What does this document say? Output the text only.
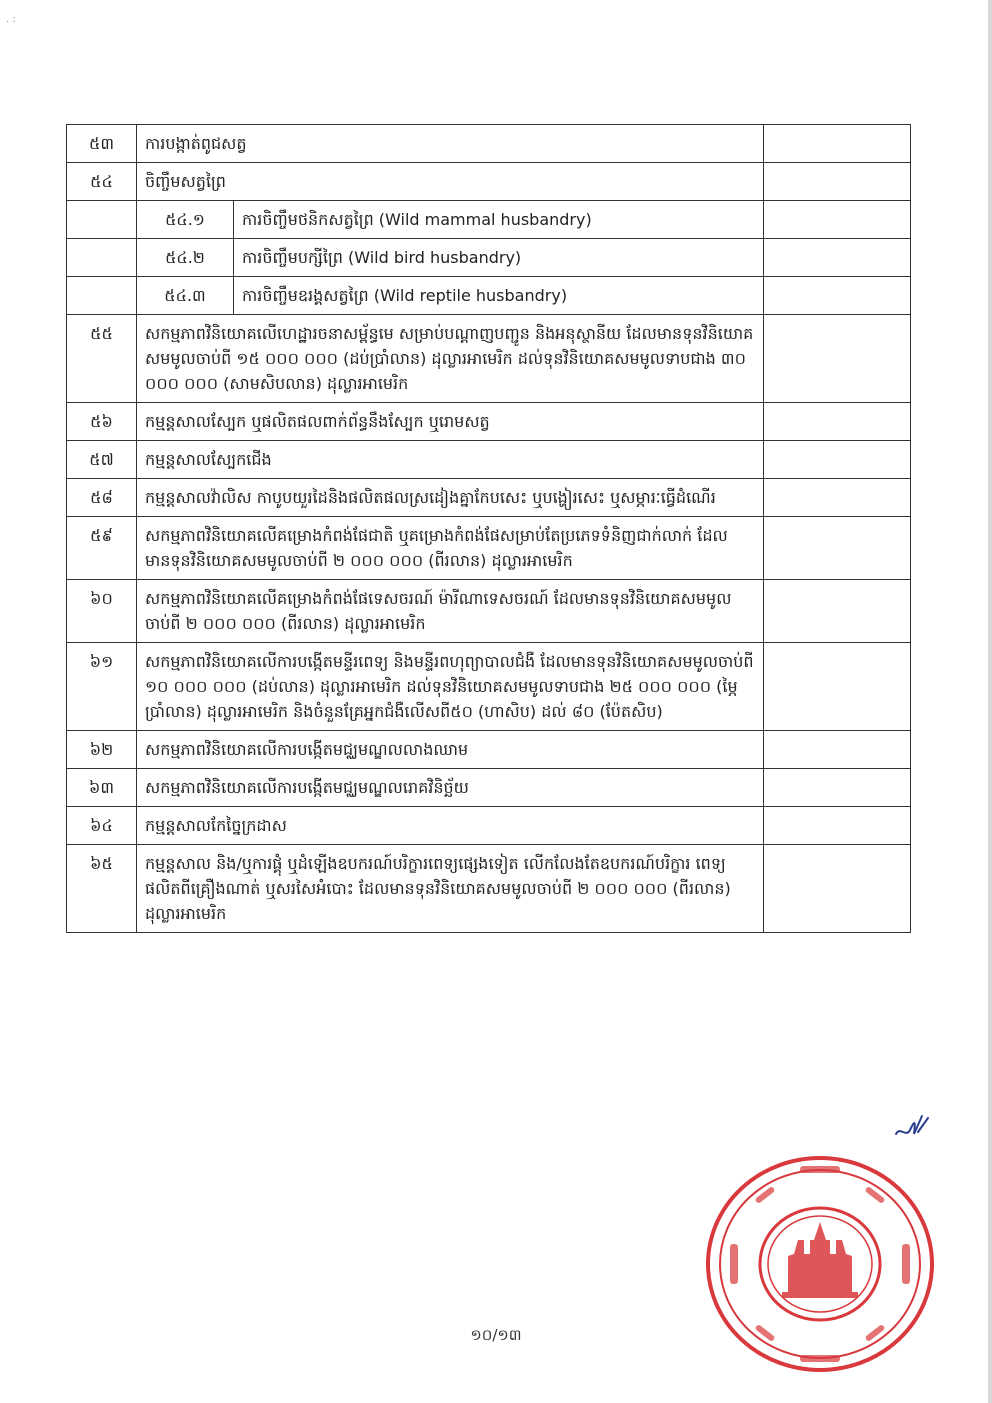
. :
៥៣	ការបង្កាត់ពូជសត្វ		
៥៤	ចិញ្ចឹមសត្វព្រៃ		
	៥៤.១	ការចិញ្ចឹមថនិកសត្វព្រៃ (Wild mammal husbandry)	
	៥៤.២	ការចិញ្ចឹមបក្សីព្រៃ (Wild bird husbandry)	
	៥៤.៣	ការចិញ្ចឹមឧរង្គសត្វព្រៃ (Wild reptile husbandry)	
៥៥	សកម្មភាពវិនិយោគលើហេដ្ឋារចនាសម្ព័ន្ធមេ សម្រាប់បណ្តាញបញ្ជូន និងអនុស្ថានីយ ដែលមានទុនវិនិយោគសមមូលចាប់ពី ១៥ ០០០ ០០០ (ដប់ប្រាំលាន) ដុល្លារអាមេរិក ដល់ទុនវិនិយោគសមមូលទាបជាង ៣០ ០០០ ០០០ (សាមសិបលាន) ដុល្លារអាមេរិក		
៥៦	កម្មន្តសាលស្បែក ឬផលិតផលពាក់ព័ន្ធនឹងស្បែក ឬរោមសត្វ		
៥៧	កម្មន្តសាលស្បែកជើង		
៥៨	កម្មន្តសាលវ៉ាលិស កាបូបយួរដៃនិងផលិតផលស្រដៀងគ្នាកែបសេះ ឬបង្ហៀរសេះ ឬសម្ភារៈធ្វើដំណើរ		
៥៩	សកម្មភាពវិនិយោគលើគម្រោងកំពង់ផែជាតិ ឬគម្រោងកំពង់ផែសម្រាប់តែប្រភេទទំនិញជាក់លាក់ ដែលមានទុនវិនិយោគសមមូលចាប់ពី ២ ០០០ ០០០ (ពីរលាន) ដុល្លារអាមេរិក		
៦០	សកម្មភាពវិនិយោគលើគម្រោងកំពង់ផែទេសចរណ៍ ម៉ារីណាទេសចរណ៍ ដែលមានទុនវិនិយោគសមមូលចាប់ពី ២ ០០០ ០០០ (ពីរលាន) ដុល្លារអាមេរិក		
៦១	សកម្មភាពវិនិយោគលើការបង្កើតមន្ទីរពេទ្យ និងមន្ទីរពហុព្យាបាលជំងឺ ដែលមានទុនវិនិយោគសមមូលចាប់ពី ១០ ០០០ ០០០ (ដប់លាន) ដុល្លារអាមេរិក ដល់ទុនវិនិយោគសមមូលទាបជាង ២៥ ០០០ ០០០ (ម្ភៃប្រាំលាន) ដុល្លារអាមេរិក និងចំនួនគ្រែអ្នកជំងឺលើសពី៥០ (ហាសិប) ដល់ ៨០ (ប៉ែតសិប)		
៦២	សកម្មភាពវិនិយោគលើការបង្កើតមជ្ឈមណ្ឌលលាងឈាម		
៦៣	សកម្មភាពវិនិយោគលើការបង្កើតមជ្ឈមណ្ឌលរោគវិនិច្ឆ័យ		
៦៤	កម្មន្តសាលកែច្នៃក្រដាស		
៦៥	កម្មន្តសាល និង/ឬការផ្គុំ ឬដំឡើងឧបករណ៍បរិក្ខារពេទ្យផ្សេងទៀត លើកលែងតែឧបករណ៍បរិក្ខារ ពេទ្យផលិតពីគ្រឿងណាត់ ឬសរសៃអំបោះ ដែលមានទុនវិនិយោគសមមូលចាប់ពី ២ ០០០ ០០០ (ពីរលាន) ដុល្លារអាមេរិក		
១០/១៣
